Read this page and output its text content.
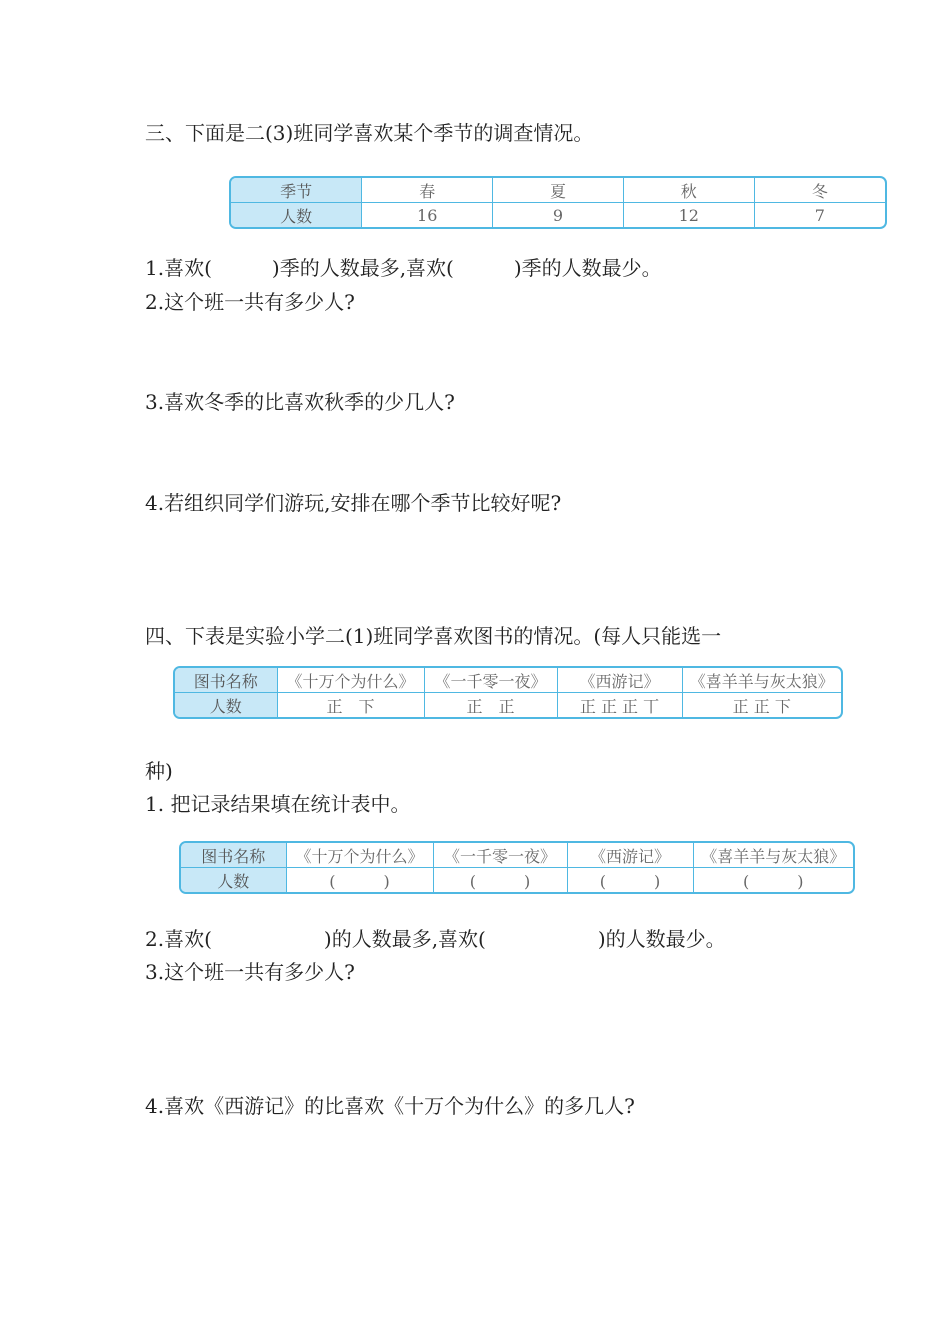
三、下面是二(3)班同学喜欢某个季节的调查情况。
季节	春	夏	秋	冬
人数	16	9	12	7
1.喜欢(	)季的人数最多,喜欢(	)季的人数最少。
2.这个班一共有多少人?
3.喜欢冬季的比喜欢秋季的少几人?
4.若组织同学们游玩,安排在哪个季节比较好呢?
四、下表是实验小学二(1)班同学喜欢图书的情况。(每人只能选一
图书名称	《十万个为什么》	《一千零一夜》	《西游记》	《喜羊羊与灰太狼》
人数	正　下	正　正	正 正 正 丅	正 正 下
种)
1. 把记录结果填在统计表中。
图书名称	《十万个为什么》	《一千零一夜》	《西游记》	《喜羊羊与灰太狼》
人数	(　　　)	(　　　)	(　　　)	(　　　)
2.喜欢(	)的人数最多,喜欢(	)的人数最少。
3.这个班一共有多少人?
4.喜欢《西游记》的比喜欢《十万个为什么》的多几人?
